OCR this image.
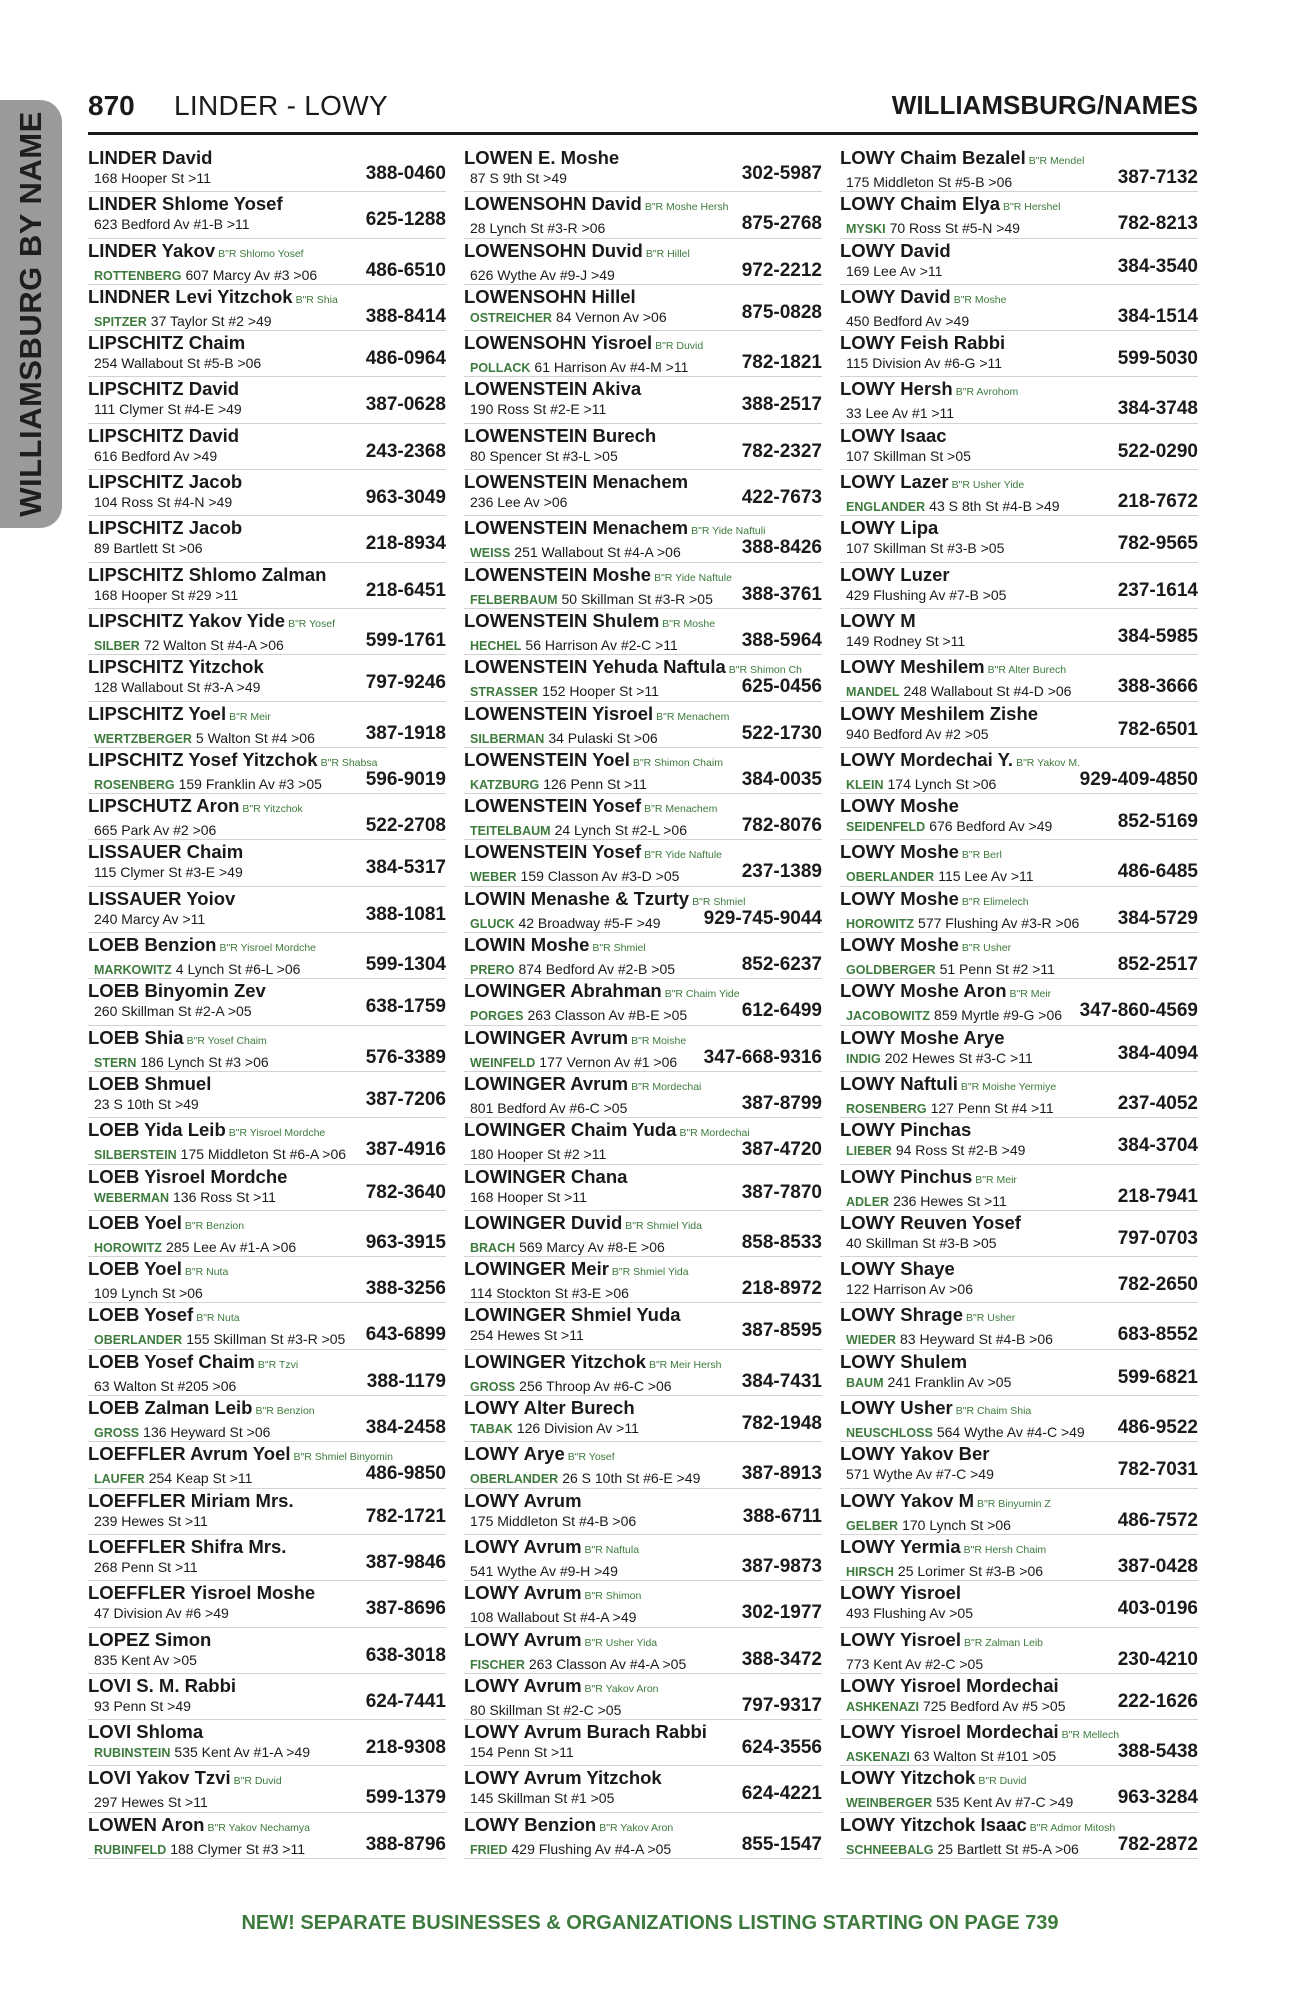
WILLIAMSBURG BY NAME
870 LINDER - LOWY	WILLIAMSBURG/NAMES
LINDER David
168 Hooper St >11	388-0460
LINDER Shlome Yosef
623 Bedford Av #1-B >11	625-1288
LINDER Yakov B"R Shlomo Yosef
ROTTENBERG 607 Marcy Av #3 >06	486-6510
LINDNER Levi Yitzchok B"R Shia
SPITZER 37 Taylor St #2 >49	388-8414
LIPSCHITZ Chaim
254 Wallabout St #5-B >06	486-0964
LIPSCHITZ David
111 Clymer St #4-E >49	387-0628
LIPSCHITZ David
616 Bedford Av >49	243-2368
LIPSCHITZ Jacob
104 Ross St #4-N >49	963-3049
LIPSCHITZ Jacob
89 Bartlett St >06	218-8934
LIPSCHITZ Shlomo Zalman
168 Hooper St #29 >11	218-6451
LIPSCHITZ Yakov Yide B"R Yosef
SILBER 72 Walton St #4-A >06	599-1761
LIPSCHITZ Yitzchok
128 Wallabout St #3-A >49	797-9246
LIPSCHITZ Yoel B"R Meir
WERTZBERGER 5 Walton St #4 >06	387-1918
LIPSCHITZ Yosef Yitzchok B"R Shabsa
ROSENBERG 159 Franklin Av #3 >05 596-9019
LIPSCHUTZ Aron B"R Yitzchok
665 Park Av #2 >06	522-2708
LISSAUER Chaim
115 Clymer St #3-E >49	384-5317
LISSAUER Yoiov
240 Marcy Av >11	388-1081
LOEB Benzion B"R Yisroel Mordche
MARKOWITZ 4 Lynch St #6-L >06	599-1304
LOEB Binyomin Zev
260 Skillman St #2-A >05	638-1759
LOEB Shia B"R Yosef Chaim
STERN 186 Lynch St #3 >06	576-3389
LOEB Shmuel
23 S 10th St >49	387-7206
LOEB Yida Leib B"R Yisroel Mordche
SILBERSTEIN 175 Middleton St #6-A >06 387-4916
LOEB Yisroel Mordche
WEBERMAN 136 Ross St >11	782-3640
LOEB Yoel B"R Benzion
HOROWITZ 285 Lee Av #1-A >06	963-3915
LOEB Yoel B"R Nuta
109 Lynch St >06	388-3256
LOEB Yosef B"R Nuta
OBERLANDER 155 Skillman St #3-R >05 643-6899
LOEB Yosef Chaim B"R Tzvi
63 Walton St #205 >06	388-1179
LOEB Zalman Leib B"R Benzion
GROSS 136 Heyward St >06	384-2458
LOEFFLER Avrum Yoel B"R Shmiel Binyomin
LAUFER 254 Keap St >11	486-9850
LOEFFLER Miriam Mrs.
239 Hewes St >11	782-1721
LOEFFLER Shifra Mrs.
268 Penn St >11	387-9846
LOEFFLER Yisroel Moshe
47 Division Av #6 >49	387-8696
LOPEZ Simon
835 Kent Av >05	638-3018
LOVI S. M. Rabbi
93 Penn St >49	624-7441
LOVI Shloma
RUBINSTEIN 535 Kent Av #1-A >49	218-9308
LOVI Yakov Tzvi B"R Duvid
297 Hewes St >11	599-1379
LOWEN Aron B"R Yakov Nechamya
RUBINFELD 188 Clymer St #3 >11	388-8796
LOWEN E. Moshe
87 S 9th St >49	302-5987
LOWENSOHN David B"R Moshe Hersh
28 Lynch St #3-R >06	875-2768
LOWENSOHN Duvid B"R Hillel
626 Wythe Av #9-J >49	972-2212
LOWENSOHN Hillel
OSTREICHER 84 Vernon Av >06	875-0828
LOWENSOHN Yisroel B"R Duvid
POLLACK 61 Harrison Av #4-M >11	782-1821
LOWENSTEIN Akiva
190 Ross St #2-E >11	388-2517
LOWENSTEIN Burech
80 Spencer St #3-L >05	782-2327
LOWENSTEIN Menachem
236 Lee Av >06	422-7673
LOWENSTEIN Menachem B"R Yide Naftuli
WEISS 251 Wallabout St #4-A >06	388-8426
LOWENSTEIN Moshe B"R Yide Naftule
FELBERBAUM 50 Skillman St #3-R >05 388-3761
LOWENSTEIN Shulem B"R Moshe
HECHEL 56 Harrison Av #2-C >11	388-5964
LOWENSTEIN Yehuda Naftula B"R Shimon Ch
STRASSER 152 Hooper St >11	625-0456
LOWENSTEIN Yisroel B"R Menachem
SILBERMAN 34 Pulaski St >06	522-1730
LOWENSTEIN Yoel B"R Shimon Chaim
KATZBURG 126 Penn St >11	384-0035
LOWENSTEIN Yosef B"R Menachem
TEITELBAUM 24 Lynch St #2-L >06	782-8076
LOWENSTEIN Yosef B"R Yide Naftule
WEBER 159 Classon Av #3-D >05	237-1389
LOWIN Menashe & Tzurty B"R Shmiel
GLUCK 42 Broadway #5-F >49 929-745-9044
LOWIN Moshe B"R Shmiel
PRERO 874 Bedford Av #2-B >05	852-6237
LOWINGER Abrahman B"R Chaim Yide
PORGES 263 Classon Av #B-E >05	612-6499
LOWINGER Avrum B"R Moishe
WEINFELD 177 Vernon Av #1 >06 347-668-9316
LOWINGER Avrum B"R Mordechai
801 Bedford Av #6-C >05	387-8799
LOWINGER Chaim Yuda B"R Mordechai
180 Hooper St #2 >11	387-4720
LOWINGER Chana
168 Hooper St >11	387-7870
LOWINGER Duvid B"R Shmiel Yida
BRACH 569 Marcy Av #8-E >06	858-8533
LOWINGER Meir B"R Shmiel Yida
114 Stockton St #3-E >06	218-8972
LOWINGER Shmiel Yuda
254 Hewes St >11	387-8595
LOWINGER Yitzchok B"R Meir Hersh
GROSS 256 Throop Av #6-C >06	384-7431
LOWY Alter Burech
TABAK 126 Division Av >11	782-1948
LOWY Arye B"R Yosef
OBERLANDER 26 S 10th St #6-E >49 387-8913
LOWY Avrum
175 Middleton St #4-B >06	388-6711
LOWY Avrum B"R Naftula
541 Wythe Av #9-H >49	387-9873
LOWY Avrum B"R Shimon
108 Wallabout St #4-A >49	302-1977
LOWY Avrum B"R Usher Yida
FISCHER 263 Classon Av #4-A >05	388-3472
LOWY Avrum B"R Yakov Aron
80 Skillman St #2-C >05	797-9317
LOWY Avrum Burach Rabbi
154 Penn St >11	624-3556
LOWY Avrum Yitzchok
145 Skillman St #1 >05	624-4221
LOWY Benzion B"R Yakov Aron
FRIED 429 Flushing Av #4-A >05	855-1547
LOWY Chaim Bezalel B"R Mendel
175 Middleton St #5-B >06	387-7132
LOWY Chaim Elya B"R Hershel
MYSKI 70 Ross St #5-N >49	782-8213
LOWY David
169 Lee Av >11	384-3540
LOWY David B"R Moshe
450 Bedford Av >49	384-1514
LOWY Feish Rabbi
115 Division Av #6-G >11	599-5030
LOWY Hersh B"R Avrohom
33 Lee Av #1 >11	384-3748
LOWY Isaac
107 Skillman St >05	522-0290
LOWY Lazer B"R Usher Yide
ENGLANDER 43 S 8th St #4-B >49	218-7672
LOWY Lipa
107 Skillman St #3-B >05	782-9565
LOWY Luzer
429 Flushing Av #7-B >05	237-1614
LOWY M
149 Rodney St >11	384-5985
LOWY Meshilem B"R Alter Burech
MANDEL 248 Wallabout St #4-D >06 388-3666
LOWY Meshilem Zishe
940 Bedford Av #2 >05	782-6501
LOWY Mordechai Y. B"R Yakov M.
KLEIN 174 Lynch St >06	929-409-4850
LOWY Moshe
SEIDENFELD 676 Bedford Av >49	852-5169
LOWY Moshe B"R Berl
OBERLANDER 115 Lee Av >11	486-6485
LOWY Moshe B"R Elimelech
HOROWITZ 577 Flushing Av #3-R >06 384-5729
LOWY Moshe B"R Usher
GOLDBERGER 51 Penn St #2 >11	852-2517
LOWY Moshe Aron B"R Meir
JACOBOWITZ 859 Myrtle #9-G >06 347-860-4569
LOWY Moshe Arye
INDIG 202 Hewes St #3-C >11	384-4094
LOWY Naftuli B"R Moishe Yermiye
ROSENBERG 127 Penn St #4 >11	237-4052
LOWY Pinchas
LIEBER 94 Ross St #2-B >49	384-3704
LOWY Pinchus B"R Meir
ADLER 236 Hewes St >11	218-7941
LOWY Reuven Yosef
40 Skillman St #3-B >05	797-0703
LOWY Shaye
122 Harrison Av >06	782-2650
LOWY Shrage B"R Usher
WIEDER 83 Heyward St #4-B >06	683-8552
LOWY Shulem
BAUM 241 Franklin Av >05	599-6821
LOWY Usher B"R Chaim Shia
NEUSCHLOSS 564 Wythe Av #4-C >49 486-9522
LOWY Yakov Ber
571 Wythe Av #7-C >49	782-7031
LOWY Yakov M B"R Binyumin Z
GELBER 170 Lynch St >06	486-7572
LOWY Yermia B"R Hersh Chaim
HIRSCH 25 Lorimer St #3-B >06	387-0428
LOWY Yisroel
493 Flushing Av >05	403-0196
LOWY Yisroel B"R Zalman Leib
773 Kent Av #2-C >05	230-4210
LOWY Yisroel Mordechai
ASHKENAZI 725 Bedford Av #5 >05	222-1626
LOWY Yisroel Mordechai B"R Mellech
ASKENAZI 63 Walton St #101 >05	388-5438
LOWY Yitzchok B"R Duvid
WEINBERGER 535 Kent Av #7-C >49 963-3284
LOWY Yitzchok Isaac B"R Admor Mitosh
SCHNEEBALG 25 Bartlett St #5-A >06 782-2872
NEW! SEPARATE BUSINESSES & ORGANIZATIONS LISTING STARTING ON PAGE 739
